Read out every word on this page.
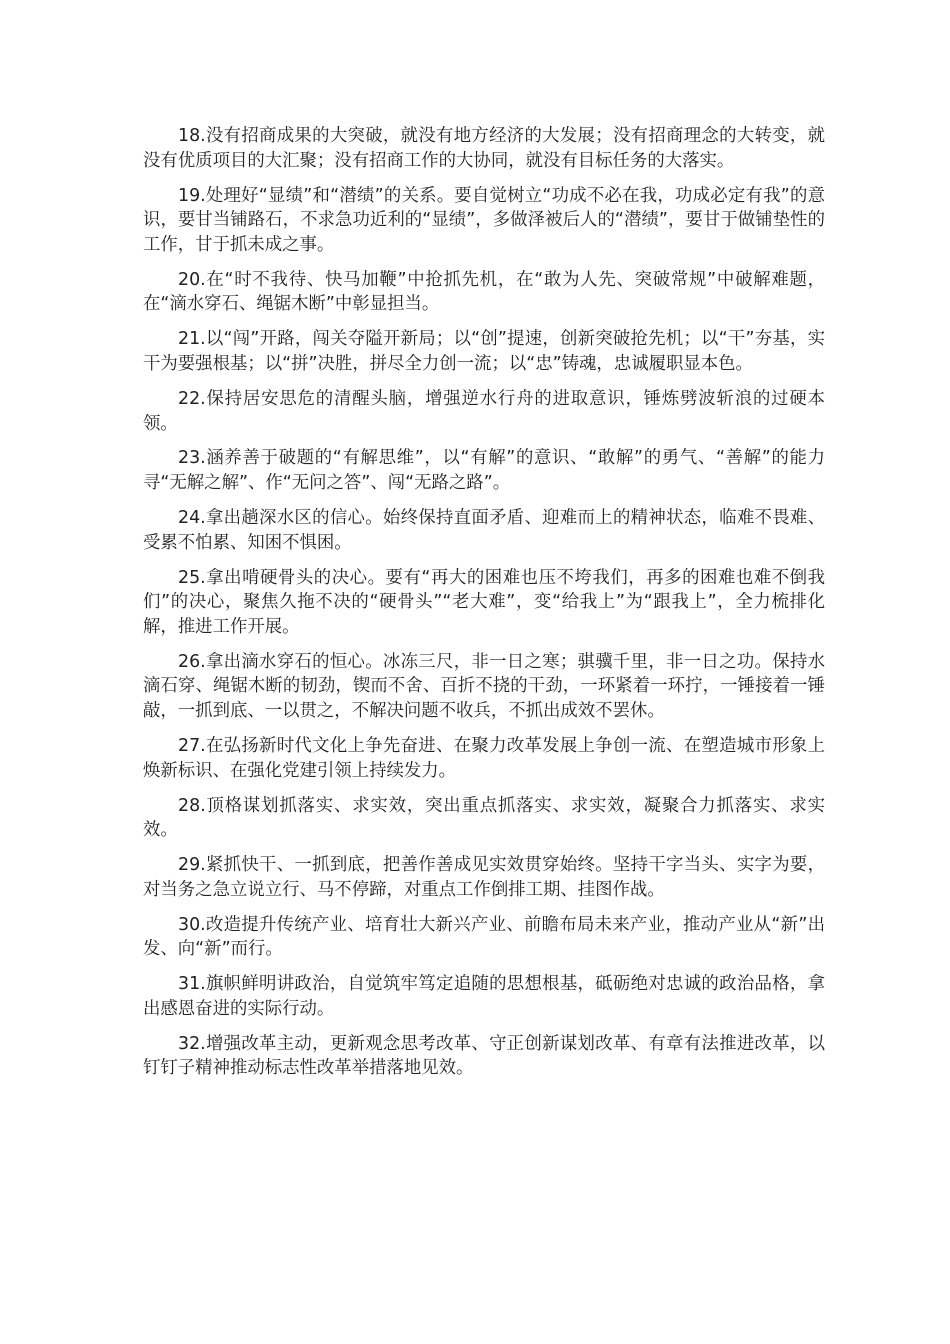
18.没有招商成果的大突破，就没有地方经济的大发展；没有招商理念的大转变，就没有优质项目的大汇聚；没有招商工作的大协同，就没有目标任务的大落实。

19.处理好“显绩”和“潜绩”的关系。要自觉树立“功成不必在我，功成必定有我”的意识，要甘当铺路石，不求急功近利的“显绩”，多做泽被后人的“潜绩”，要甘于做铺垫性的工作，甘于抓未成之事。

20.在“时不我待、快马加鞭”中抢抓先机，在“敢为人先、突破常规”中破解难题，在“滴水穿石、绳锯木断”中彰显担当。

21.以“闯”开路，闯关夺隘开新局；以“创”提速，创新突破抢先机；以“干”夯基，实干为要强根基；以“拼”决胜，拼尽全力创一流；以“忠”铸魂，忠诚履职显本色。

22.保持居安思危的清醒头脑，增强逆水行舟的进取意识，锤炼劈波斩浪的过硬本领。

23.涵养善于破题的“有解思维”，以“有解”的意识、“敢解”的勇气、“善解”的能力寻“无解之解”、作“无问之答”、闯“无路之路”。

24.拿出趟深水区的信心。始终保持直面矛盾、迎难而上的精神状态，临难不畏难、受累不怕累、知困不惧困。

25.拿出啃硬骨头的决心。要有“再大的困难也压不垮我们，再多的困难也难不倒我们”的决心，聚焦久拖不决的“硬骨头”“老大难”，变“给我上”为“跟我上”，全力梳排化解，推进工作开展。

26.拿出滴水穿石的恒心。冰冻三尺，非一日之寒；骐骥千里，非一日之功。保持水滴石穿、绳锯木断的韧劲，锲而不舍、百折不挠的干劲，一环紧着一环拧，一锤接着一锤敲，一抓到底、一以贯之，不解决问题不收兵，不抓出成效不罢休。

27.在弘扬新时代文化上争先奋进、在聚力改革发展上争创一流、在塑造城市形象上焕新标识、在强化党建引领上持续发力。

28.顶格谋划抓落实、求实效，突出重点抓落实、求实效，凝聚合力抓落实、求实效。

29.紧抓快干、一抓到底，把善作善成见实效贯穿始终。坚持干字当头、实字为要，对当务之急立说立行、马不停蹄，对重点工作倒排工期、挂图作战。

30.改造提升传统产业、培育壮大新兴产业、前瞻布局未来产业，推动产业从“新”出发、向“新”而行。

31.旗帜鲜明讲政治，自觉筑牢笃定追随的思想根基，砥砺绝对忠诚的政治品格，拿出感恩奋进的实际行动。

32.增强改革主动，更新观念思考改革、守正创新谋划改革、有章有法推进改革，以钉钉子精神推动标志性改革举措落地见效。
